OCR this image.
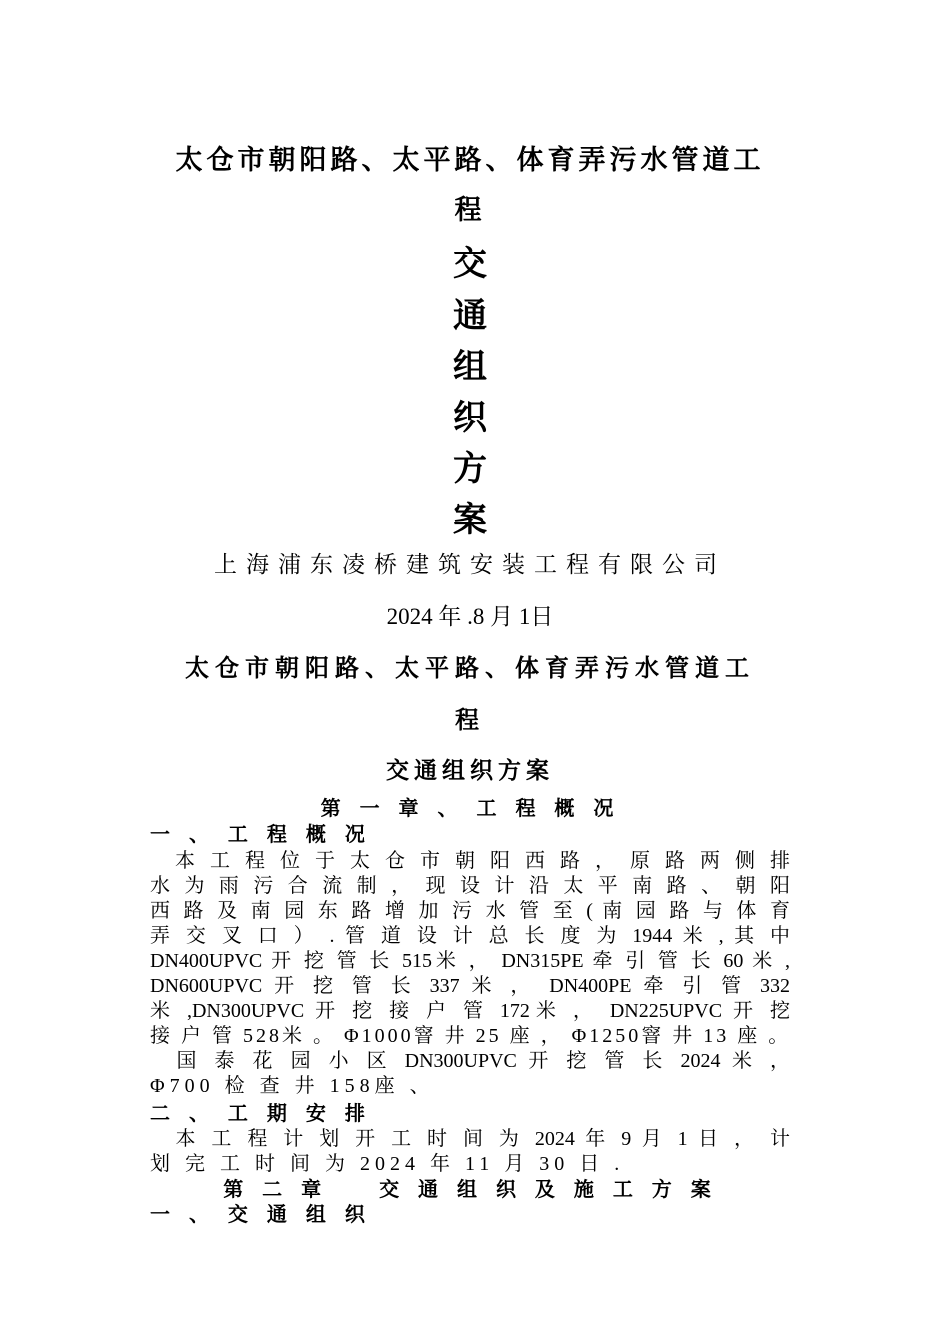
太仓市朝阳路、太平路、体育弄污水管道工
程
交
通
组
织
方
案
上海浦东凌桥建筑安装工程有限公司
2024 年 .8 月 1日
太仓市朝阳路、太平路、体育弄污水管道工
程
交通组织方案
第 一 章 、 工 程 概 况
一 、 工 程 概 况
　本 工 程 位 于 太 仓 市 朝 阳 西 路 ， 原 路 两 侧 排
水 为 雨 污 合 流 制 ， 现 设 计 沿 太 平 南 路 、 朝 阳
西 路 及 南 园 东 路 增 加 污 水 管 至 ( 南 园 路 与 体 育
弄 交 叉 口 ） . 管 道 设 计 总 长 度 为 1944 米 , 其 中
DN400UPVC 开 挖 管 长 515米 ， DN315PE 牵 引 管 长 60 米 ,
DN600UPVC 开 挖 管 长 337 米 ， DN400PE 牵 引 管 332
米 ,DN300UPVC 开 挖 接 户 管 172米 ， DN225UPVC 开 挖
接 户 管 528米 。 Φ1000窨 井 25 座 ， Φ1250窨 井 13 座 。
　国 泰 花 园 小 区 DN300UPVC 开 挖 管 长 2024 米 ，
Φ700 检 查 井 158座 、
二 、 工 期 安 排
　本 工 程 计 划 开 工 时 间 为 2024 年 9 月 1 日 ， 计
划 完 工 时 间 为 2024 年 11 月 30 日 .
第 二 章 　 交 通 组 织 及 施 工 方 案
一 、 交 通 组 织
